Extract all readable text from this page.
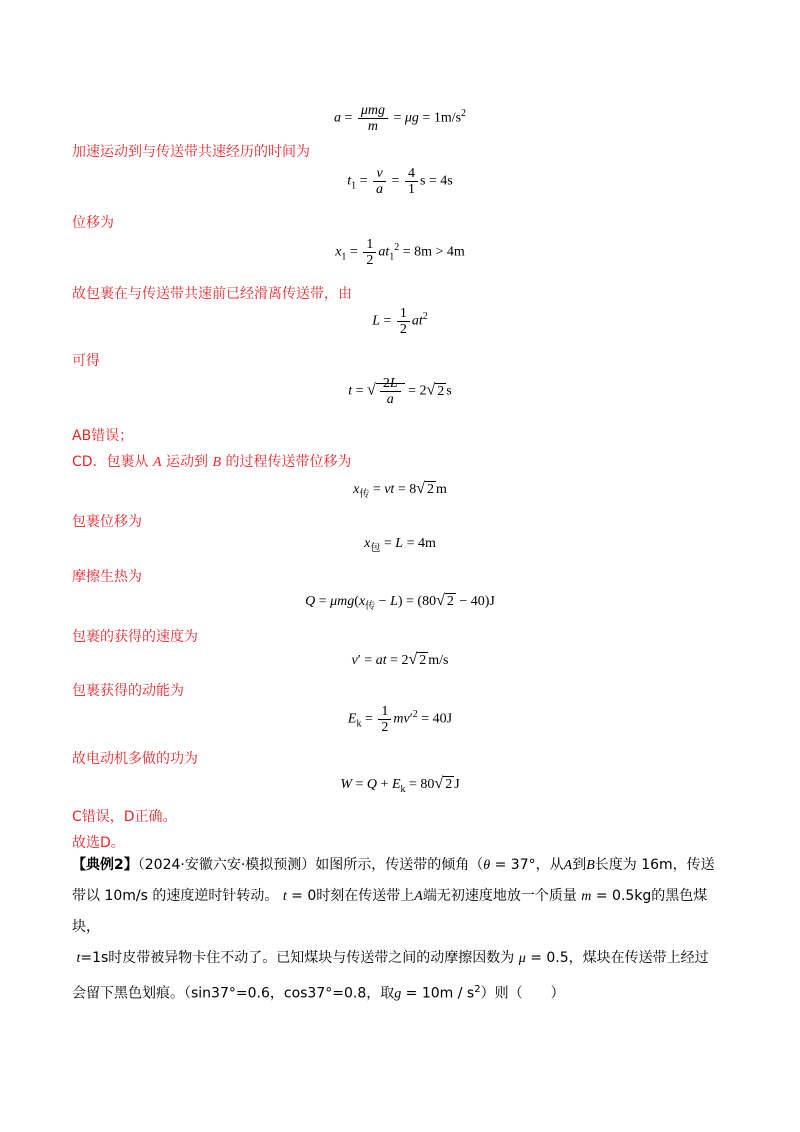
$a = \frac{\text{μmg}}{m} = \mu g = 1m/s^2$
加速运动到与传送带共速经历的时间为
$t_1 = \frac{v}{a} = \frac{4}{1}$ s = 4s
位移为
$x_1 = \frac{1}{2} at_1^2 = 8m > 4m$
故包裹在与传送带共速前已经滑离传送带，由
$L = \frac{1}{2} at^2$
可得
t = √ $\frac{2L}{a} = 2√$ 2 s
AB错误；
CD．包裹从 A 运动到 B 的过程传送带位移为
$x_传$ = vt = 8√ 2 m
包裹位移为
$x_包 = L = 4m$
摩擦生热为
$Q = \mu mg(x_传 - L) = (80√$ 2 − 40)J
包裹的获得的速度为
v′ = at = 2√ 2 m/s
包裹获得的动能为
$E_k = \frac{1}{2} mv'^2 = 40J$
故电动机多做的功为
$W = Q + E_k = 80√$ 2 J
C错误，D正确。
故选D。
【典例2】（2024·安徽六安·模拟预测）如图所示，传送带的倾角（θ = 37°，从A到B长度为 16m，传送
带以 10m/s 的速度逆时针转动。 t = 0时刻在传送带上A端无初速度地放一个质量 m = 0.5kg的黑色煤块，
t=1s时皮带被异物卡住不动了。已知煤块与传送带之间的动摩擦因数为 μ = 0.5，煤块在传送带上经过
会留下黑色划痕。（sin37°=0.6，cos37°=0.8，取$g = 10m / s^2$）则（　　）
